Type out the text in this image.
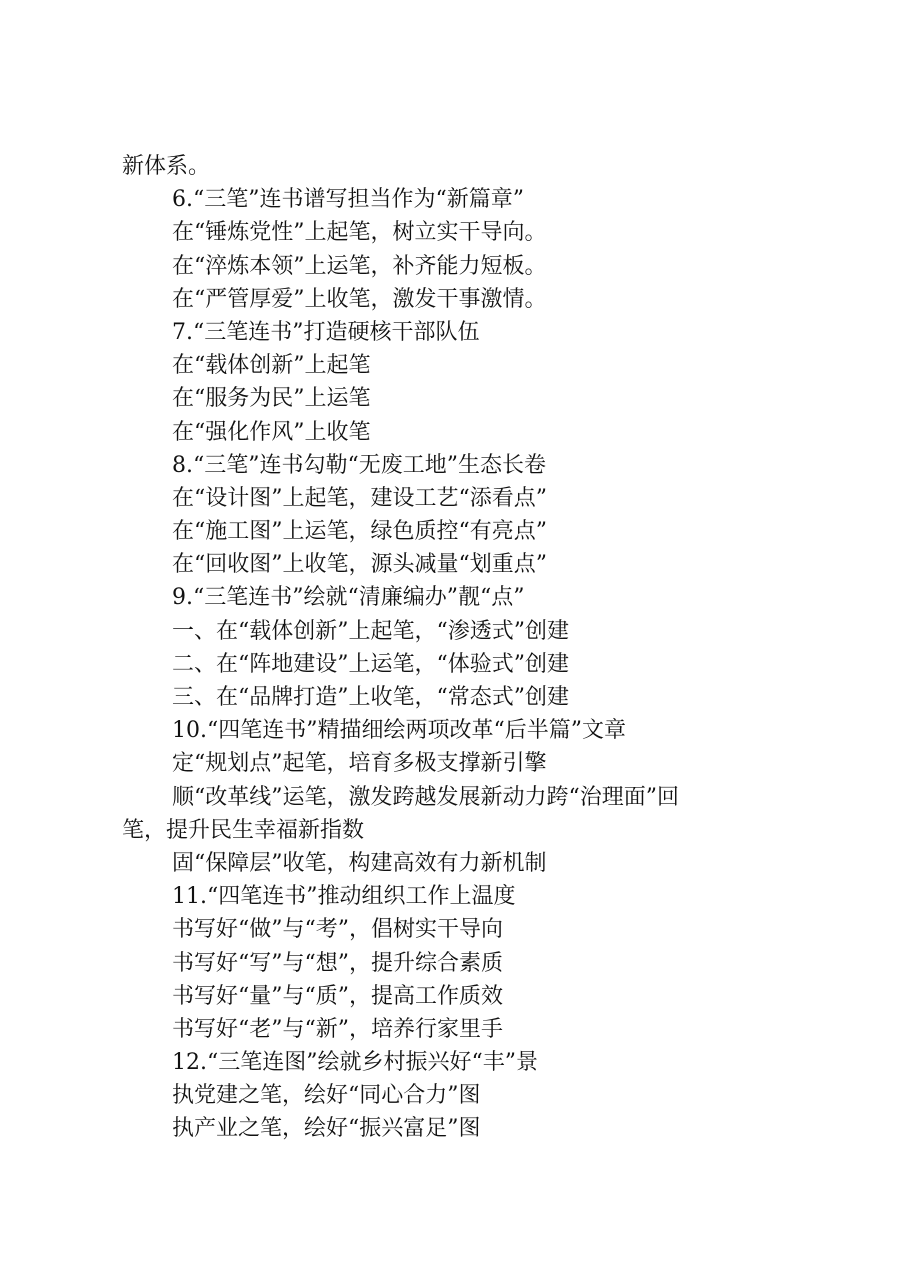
新体系。
6.“三笔”连书谱写担当作为“新篇章”
在“锤炼党性”上起笔，树立实干导向。
在“淬炼本领”上运笔，补齐能力短板。
在“严管厚爱”上收笔，激发干事激情。
7.“三笔连书”打造硬核干部队伍
在“载体创新”上起笔
在“服务为民”上运笔
在“强化作风”上收笔
8.“三笔”连书勾勒“无废工地”生态长卷
在“设计图”上起笔，建设工艺“添看点”
在“施工图”上运笔，绿色质控“有亮点”
在“回收图”上收笔，源头减量“划重点”
9.“三笔连书”绘就“清廉编办”靓“点”
一、在“载体创新”上起笔，“渗透式”创建
二、在“阵地建设”上运笔，“体验式”创建
三、在“品牌打造”上收笔，“常态式”创建
10.“四笔连书”精描细绘两项改革“后半篇”文章
定“规划点”起笔，培育多极支撑新引擎
顺“改革线”运笔，激发跨越发展新动力跨“治理面”回
笔，提升民生幸福新指数
固“保障层”收笔，构建高效有力新机制
11.“四笔连书”推动组织工作上温度
书写好“做”与“考”，倡树实干导向
书写好“写”与“想”，提升综合素质
书写好“量”与“质”，提高工作质效
书写好“老”与“新”，培养行家里手
12.“三笔连图”绘就乡村振兴好“丰”景
执党建之笔，绘好“同心合力”图
执产业之笔，绘好“振兴富足”图
